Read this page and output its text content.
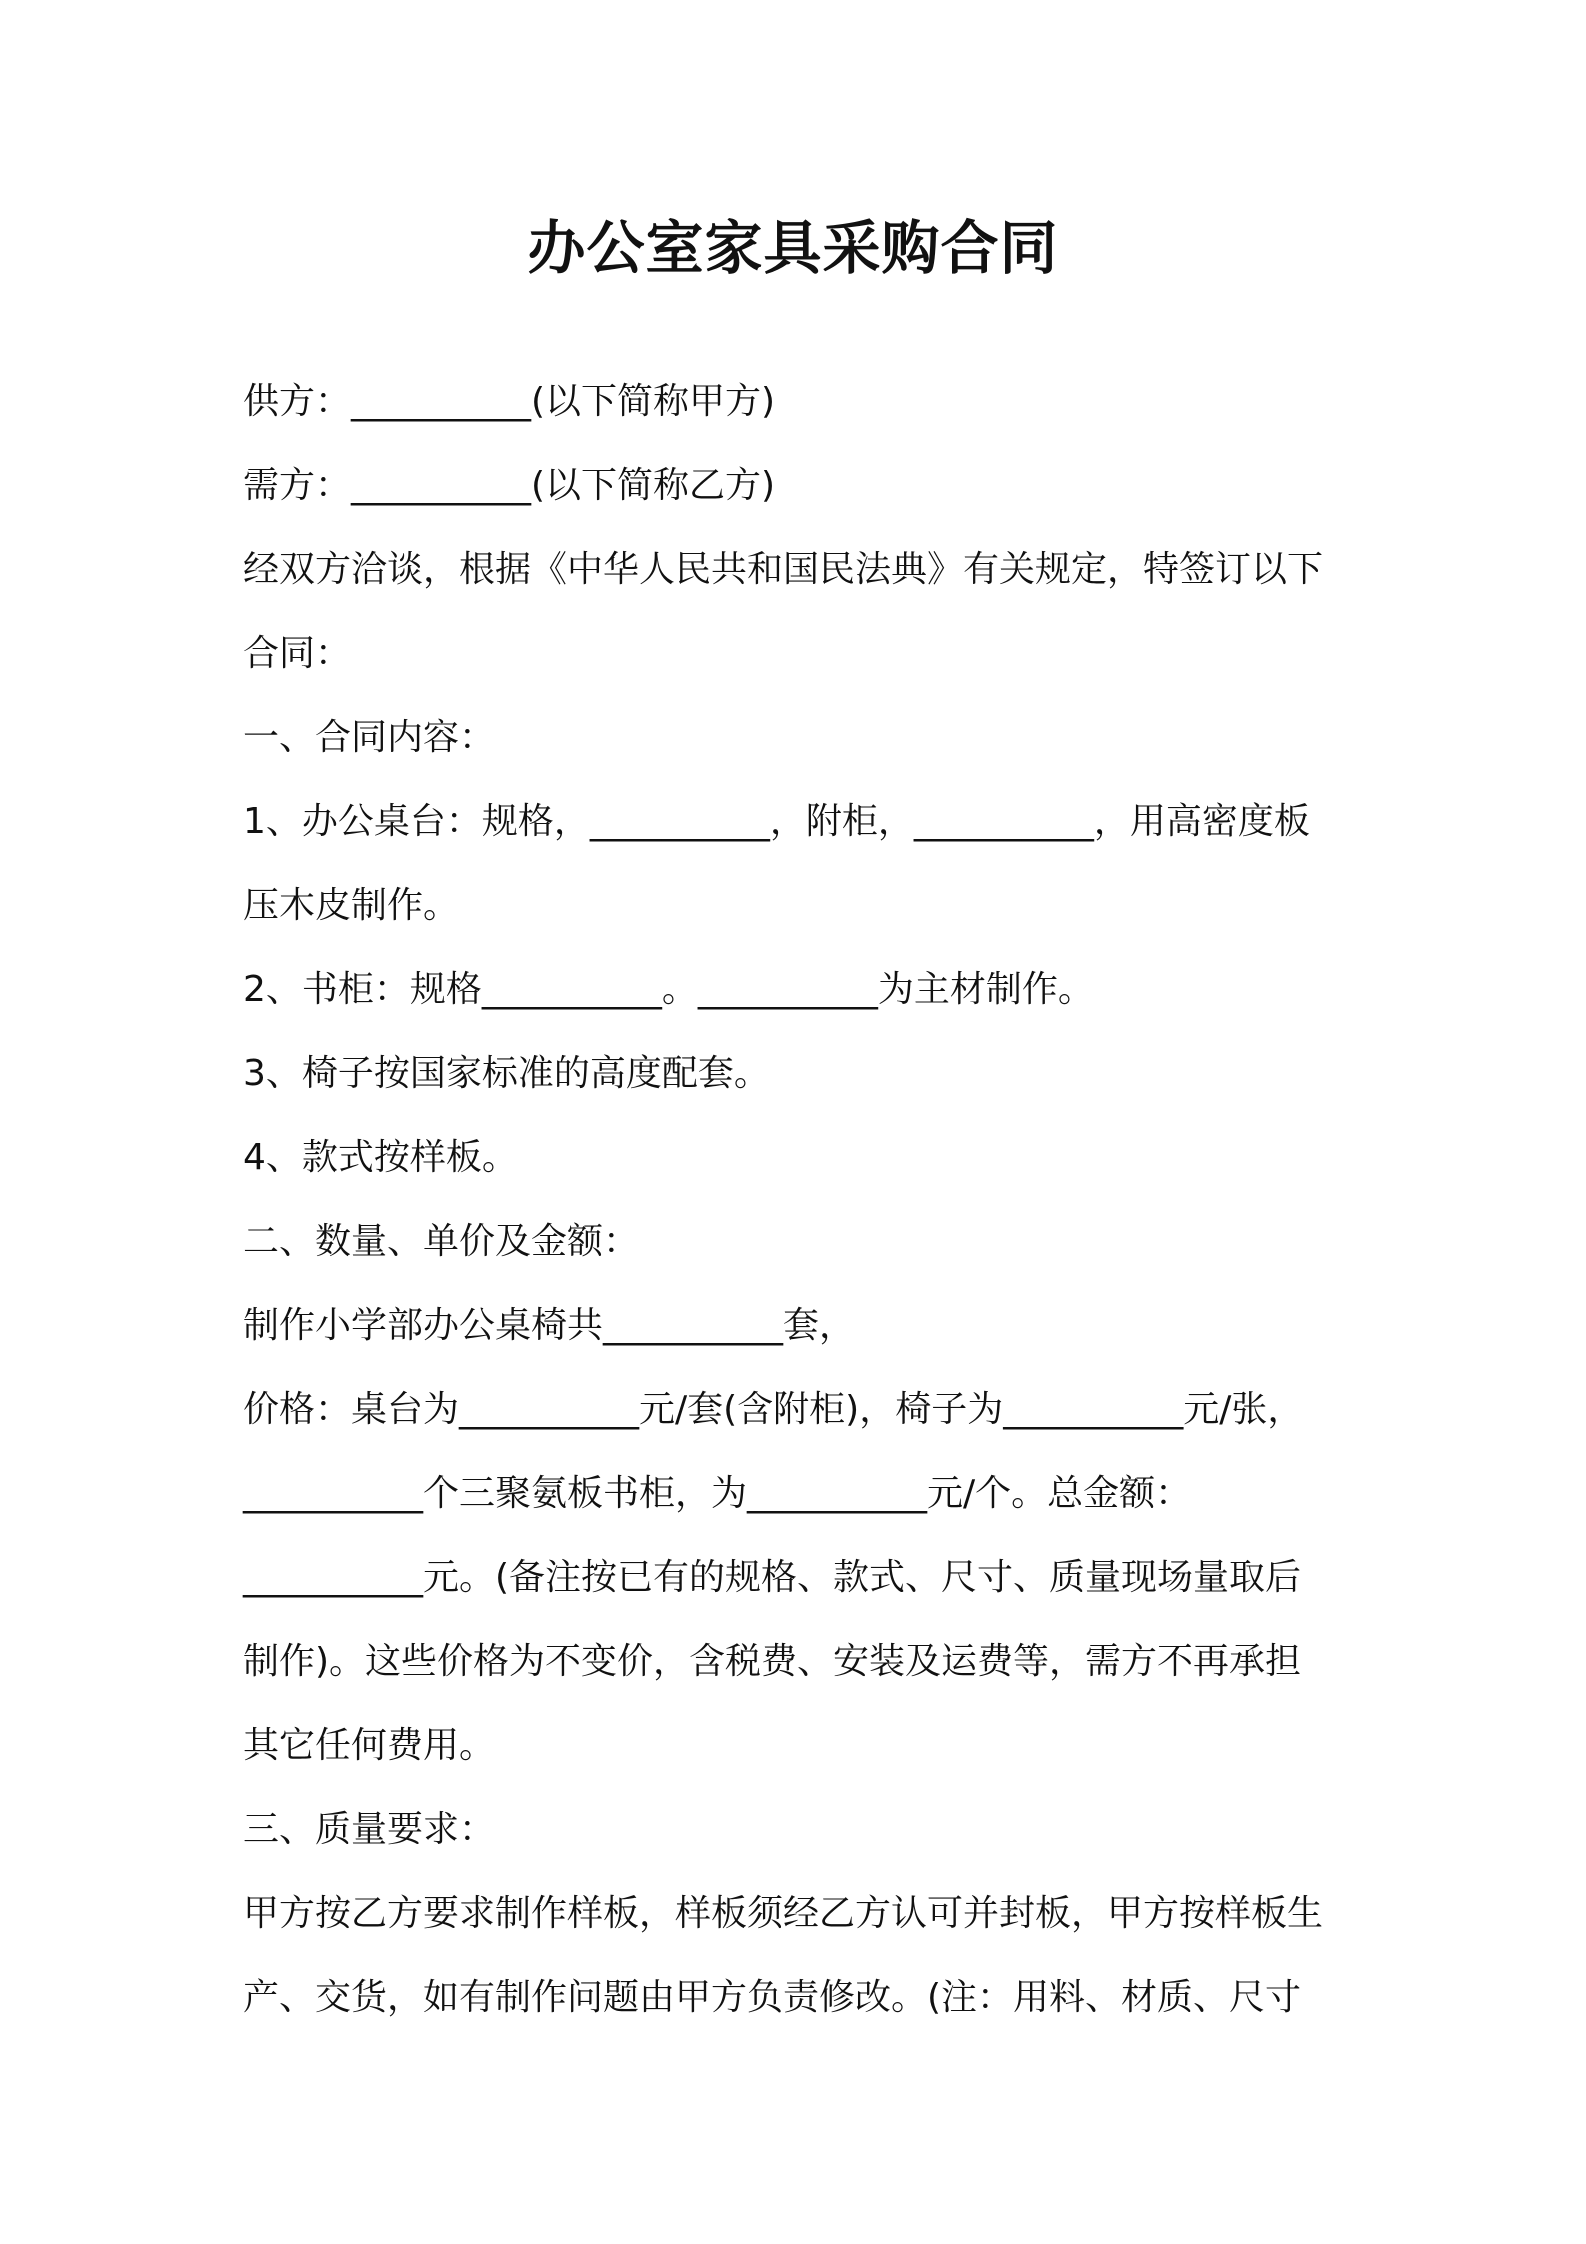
办公室家具采购合同
供方：__________(以下简称甲方)
需方：__________(以下简称乙方)
经双方洽谈，根据《中华人民共和国民法典》有关规定，特签订以下
合同：
一、合同内容：
1、办公桌台：规格，__________，附柜，__________，用高密度板
压木皮制作。
2、书柜：规格__________。__________为主材制作。
3、椅子按国家标准的高度配套。
4、款式按样板。
二、数量、单价及金额：
制作小学部办公桌椅共__________套，
价格：桌台为__________元/套(含附柜)，椅子为__________元/张，
__________个三聚氨板书柜，为__________元/个。总金额：
__________元。(备注按已有的规格、款式、尺寸、质量现场量取后
制作)。这些价格为不变价，含税费、安装及运费等，需方不再承担
其它任何费用。
三、质量要求：
甲方按乙方要求制作样板，样板须经乙方认可并封板，甲方按样板生
产、交货，如有制作问题由甲方负责修改。(注：用料、材质、尺寸
